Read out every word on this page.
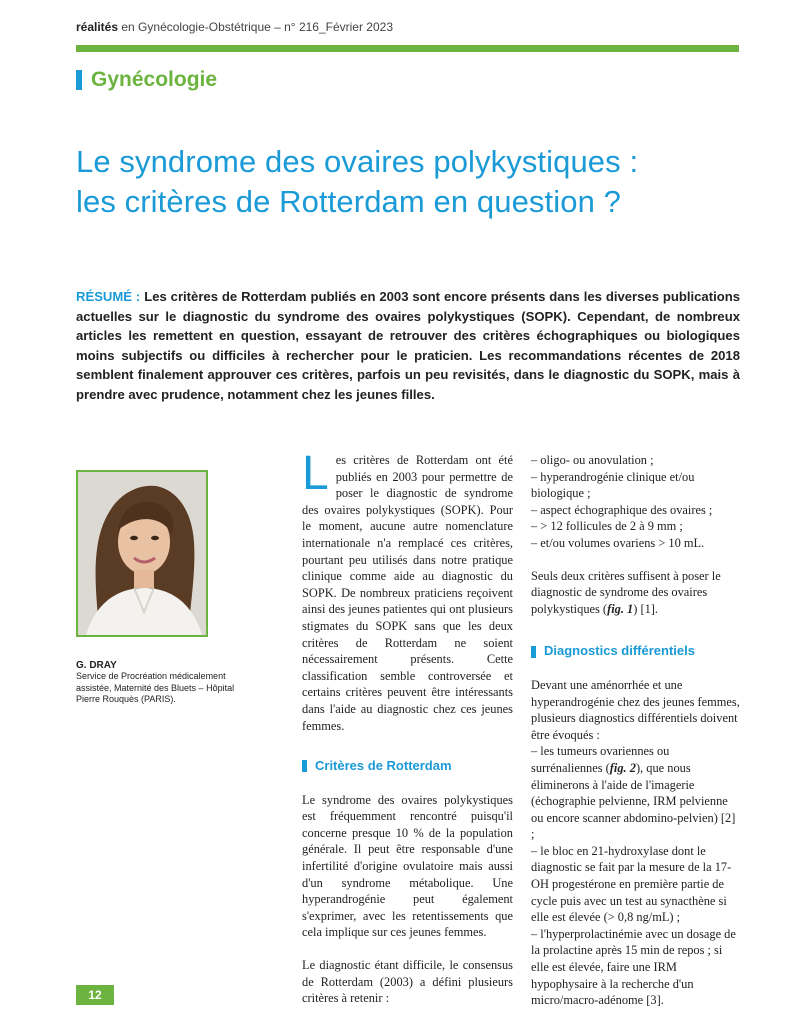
réalités en Gynécologie-Obstétrique – n° 216_Février 2023
Gynécologie
Le syndrome des ovaires polykystiques :
les critères de Rotterdam en question ?
RÉSUMÉ : Les critères de Rotterdam publiés en 2003 sont encore présents dans les diverses publications actuelles sur le diagnostic du syndrome des ovaires polykystiques (SOPK). Cependant, de nombreux articles les remettent en question, essayant de retrouver des critères échographiques ou biologiques moins subjectifs ou difficiles à rechercher pour le praticien. Les recommandations récentes de 2018 semblent finalement approuver ces critères, parfois un peu revisités, dans le diagnostic du SOPK, mais à prendre avec prudence, notamment chez les jeunes filles.
G. DRAY
Service de Procréation médicalement assistée, Maternité des Bluets – Hôpital Pierre Rouquès (PARIS).

Les critères de Rotterdam ont été publiés en 2003 pour permettre de poser le diagnostic de syndrome des ovaires polykystiques (SOPK). Pour le moment, aucune autre nomenclature internationale n'a remplacé ces critères, pourtant peu utilisés dans notre pratique clinique comme aide au diagnostic du SOPK. De nombreux praticiens reçoivent ainsi des jeunes patientes qui ont plusieurs stigmates du SOPK sans que les deux critères de Rotterdam ne soient nécessairement présents. Cette classification semble controversée et certains critères peuvent être intéressants dans l'aide au diagnostic chez ces jeunes femmes.

Critères de Rotterdam

Le syndrome des ovaires polykystiques est fréquemment rencontré puisqu'il concerne presque 10 % de la population générale. Il peut être responsable d'une infertilité d'origine ovulatoire mais aussi d'un syndrome métabolique. Une hyperandrogénie peut également s'exprimer, avec les retentissements que cela implique sur ces jeunes femmes.

Le diagnostic étant difficile, le consensus de Rotterdam (2003) a défini plusieurs critères à retenir :

– oligo- ou anovulation ;

– hyperandrogénie clinique et/ou biologique ;

– aspect échographique des ovaires ;

– > 12 follicules de 2 à 9 mm ;

– et/ou volumes ovariens > 10 mL.

Seuls deux critères suffisent à poser le diagnostic de syndrome des ovaires polykystiques (fig. 1) [1].

Diagnostics différentiels

Devant une aménorrhée et une hyperandrogénie chez des jeunes femmes, plusieurs diagnostics différentiels doivent être évoqués :

– les tumeurs ovariennes ou surrénaliennes (fig. 2), que nous éliminerons à l'aide de l'imagerie (échographie pelvienne, IRM pelvienne ou encore scanner abdomino-pelvien) [2] ;

– le bloc en 21-hydroxylase dont le diagnostic se fait par la mesure de la 17-OH progestérone en première partie de cycle puis avec un test au synacthène si elle est élevée (> 0,8 ng/mL) ;

– l'hyperprolactinémie avec un dosage de la prolactine après 15 min de repos ; si elle est élevée, faire une IRM hypophysaire à la recherche d'un micro/macro-adénome [3].

12
